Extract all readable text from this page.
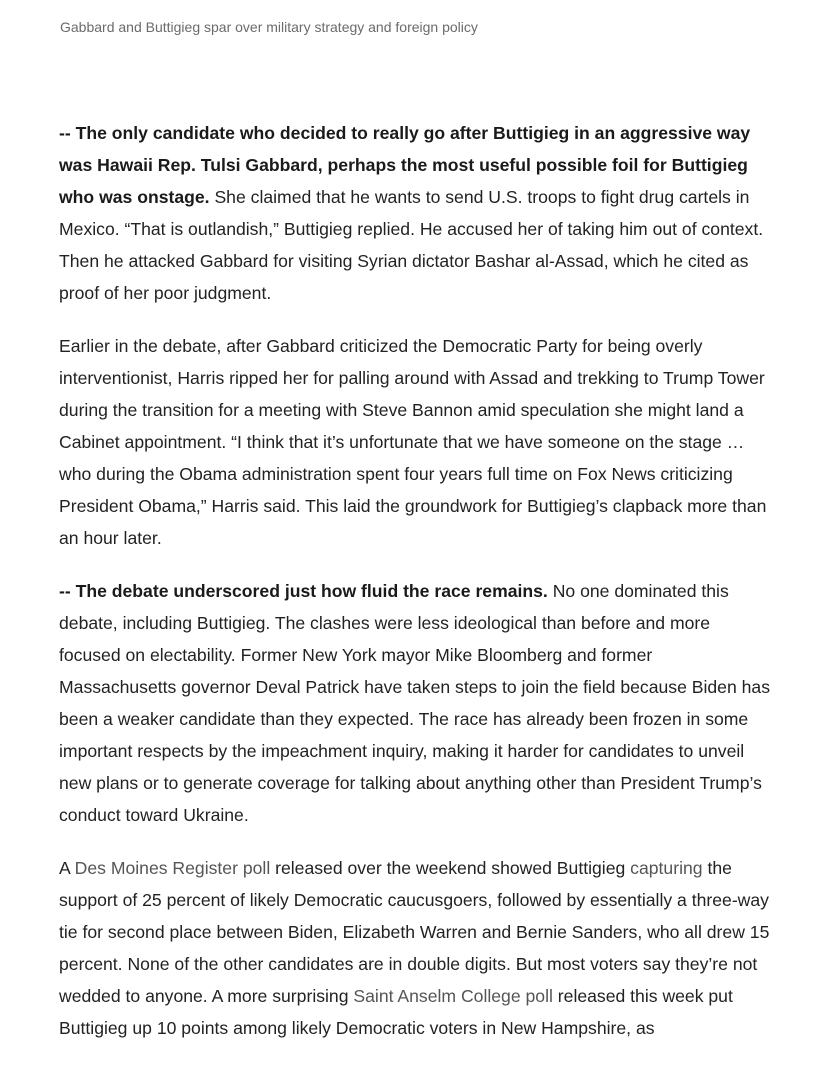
Gabbard and Buttigieg spar over military strategy and foreign policy

-- The only candidate who decided to really go after Buttigieg in an aggressive way was Hawaii Rep. Tulsi Gabbard, perhaps the most useful possible foil for Buttigieg who was onstage. She claimed that he wants to send U.S. troops to fight drug cartels in Mexico. “That is outlandish,” Buttigieg replied. He accused her of taking him out of context. Then he attacked Gabbard for visiting Syrian dictator Bashar al-Assad, which he cited as proof of her poor judgment.

Earlier in the debate, after Gabbard criticized the Democratic Party for being overly interventionist, Harris ripped her for palling around with Assad and trekking to Trump Tower during the transition for a meeting with Steve Bannon amid speculation she might land a Cabinet appointment. “I think that it’s unfortunate that we have someone on the stage … who during the Obama administration spent four years full time on Fox News criticizing President Obama,” Harris said. This laid the groundwork for Buttigieg’s clapback more than an hour later.

-- The debate underscored just how fluid the race remains. No one dominated this debate, including Buttigieg. The clashes were less ideological than before and more focused on electability. Former New York mayor Mike Bloomberg and former Massachusetts governor Deval Patrick have taken steps to join the field because Biden has been a weaker candidate than they expected. The race has already been frozen in some important respects by the impeachment inquiry, making it harder for candidates to unveil new plans or to generate coverage for talking about anything other than President Trump’s conduct toward Ukraine.

A Des Moines Register poll released over the weekend showed Buttigieg capturing the support of 25 percent of likely Democratic caucusgoers, followed by essentially a three-way tie for second place between Biden, Elizabeth Warren and Bernie Sanders, who all drew 15 percent. None of the other candidates are in double digits. But most voters say they’re not wedded to anyone. A more surprising Saint Anselm College poll released this week put Buttigieg up 10 points among likely Democratic voters in New Hampshire, as
